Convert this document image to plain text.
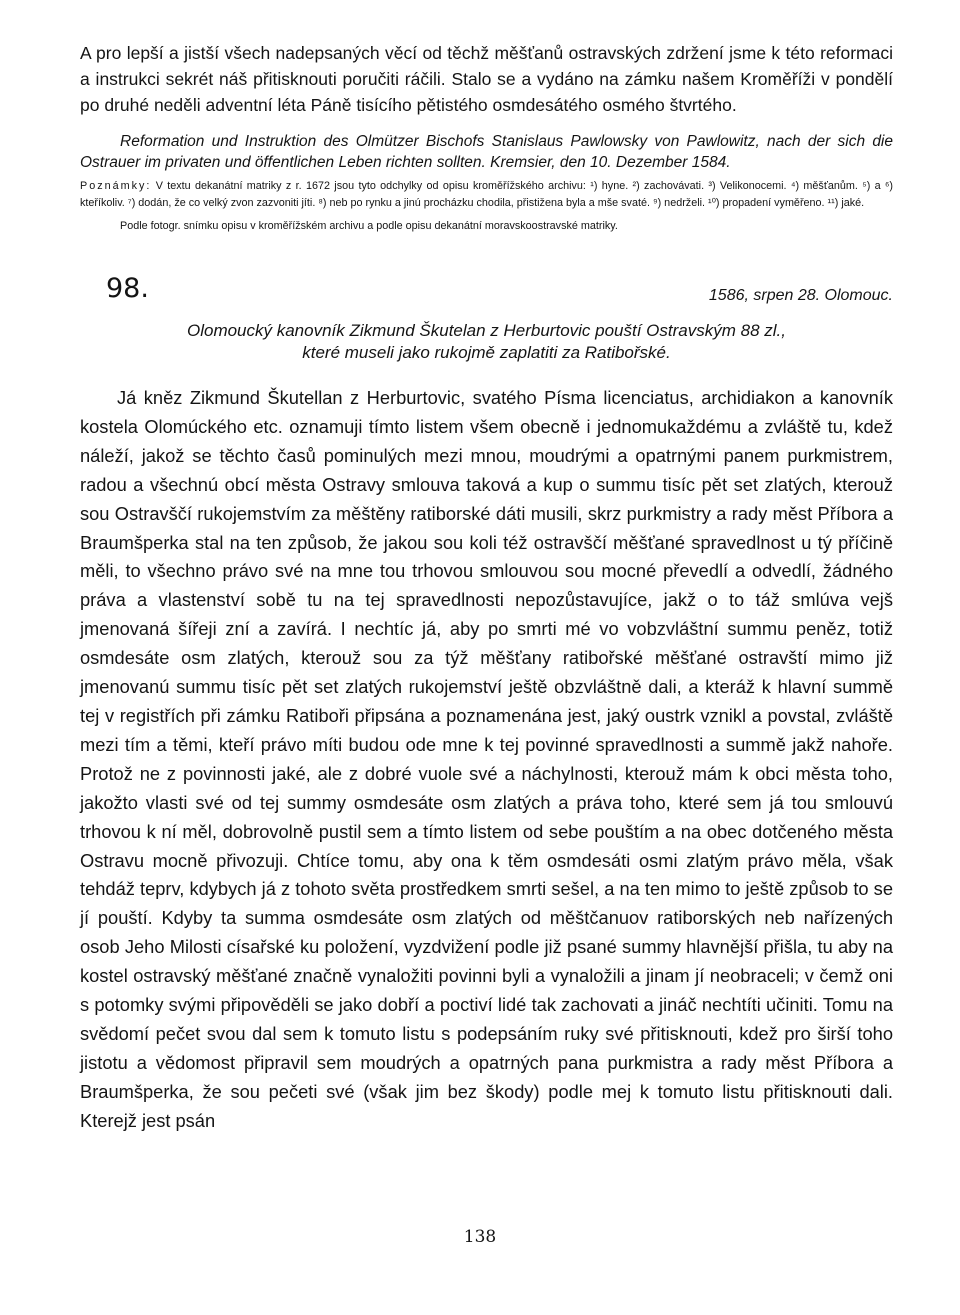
A pro lepší a jistší všech nadepsaných věcí od těchž měšťanů ostravských zdržení jsme k této reformaci a instrukci sekrét náš přitisknouti poručiti ráčili. Stalo se a vydáno na zámku našem Kroměříži v pondělí po druhé neděli adventní léta Páně tisícího pětistého osmdesátého osmého štvrtého.

Reformation und Instruktion des Olmützer Bischofs Stanislaus Pawlowsky von Pawlowitz, nach der sich die Ostrauer im privaten und öffentlichen Leben richten sollten. Kremsier, den 10. Dezember 1584.

Poznámky: V textu dekanátní matriky z r. 1672 jsou tyto odchylky od opisu kroměřížského archivu: ¹) hyne. ²) zachovávati. ³) Velikonocemi. ⁴) měšťanům. ⁵) a ⁶) kteříkoliv. ⁷) dodán, že co velký zvon zazvoniti jíti. ⁸) neb po rynku a jinú procházku chodila, přistižena byla a mše svaté. ⁹) nedrželi. ¹⁰) propadení vyměřeno. ¹¹) jaké.

Podle fotogr. snímku opisu v kroměřížském archivu a podle opisu dekanátní moravskoostravské matriky.

98.	1586, srpen 28. Olomouc.

Olomoucký kanovník Zikmund Škutelan z Herburtovic pouští Ostravským 88 zl.,
které museli jako rukojmě zaplatiti za Ratibořské.

Já kněz Zikmund Škutellan z Herburtovic, svatého Písma licenciatus, archidiakon a kanovník kostela Olomúckého etc. oznamuji tímto listem všem obecně i jednomukaždému a zvláště tu, kdež náleží, jakož se těchto časů pominulých mezi mnou, moudrými a opatrnými panem purkmistrem, radou a všechnú obcí města Ostravy smlouva taková a kup o summu tisíc pět set zlatých, kterouž sou Ostravščí rukojemstvím za měštěny ratiborské dáti musili, skrz purkmistry a rady měst Příbora a Braumšperka stal na ten způsob, že jakou sou koli též ostravščí měšťané spravedlnost u tý příčině měli, to všechno právo své na mne tou trhovou smlouvou sou mocné převedlí a odvedlí, žádného práva a vlastenství sobě tu na tej spravedlnosti nepozůstavujíce, jakž o to táž smlúva vejš jmenovaná šířeji zní a zavírá. I nechtíc já, aby po smrti mé vo vobzvláštní summu peněz, totiž osmdesáte osm zlatých, kterouž sou za týž měšťany ratibořské měšťané ostravští mimo již jmenovanú summu tisíc pět set zlatých rukojemství ještě obzvláštně dali, a kteráž k hlavní summě tej v registřích při zámku Ratiboři připsána a poznamenána jest, jaký oustrk vznikl a povstal, zvláště mezi tím a těmi, kteří právo míti budou ode mne k tej povinné spravedlnosti a summě jakž nahoře. Protož ne z povinnosti jaké, ale z dobré vuole své a náchylnosti, kterouž mám k obci města toho, jakožto vlasti své od tej summy osmdesáte osm zlatých a práva toho, které sem já tou smlouvú trhovou k ní měl, dobrovolně pustil sem a tímto listem od sebe pouštím a na obec dotčeného města Ostravu mocně přivozuji. Chtíce tomu, aby ona k těm osmdesáti osmi zlatým právo měla, však tehdáž teprv, kdybych já z tohoto světa prostředkem smrti sešel, a na ten mimo to ještě způsob to se jí pouští. Kdyby ta summa osmdesáte osm zlatých od měštčanuov ratiborských neb nařízených osob Jeho Milosti císařské ku položení, vyzdvižení podle již psané summy hlavnější přišla, tu aby na kostel ostravský měšťané značně vynaložiti povinni byli a vynaložili a jinam jí neobraceli; v čemž oni s potomky svými připověděli se jako dobří a poctiví lidé tak zachovati a jináč nechtíti učiniti. Tomu na svědomí pečet svou dal sem k tomuto listu s podepsáním ruky své přitisknouti, kdež pro širší toho jistotu a vědomost připravil sem moudrých a opatrných pana purkmistra a rady měst Příbora a Braumšperka, že sou pečeti své (však jim bez škody) podle mej k tomuto listu přitisknouti dali. Kterejž jest psán

138
